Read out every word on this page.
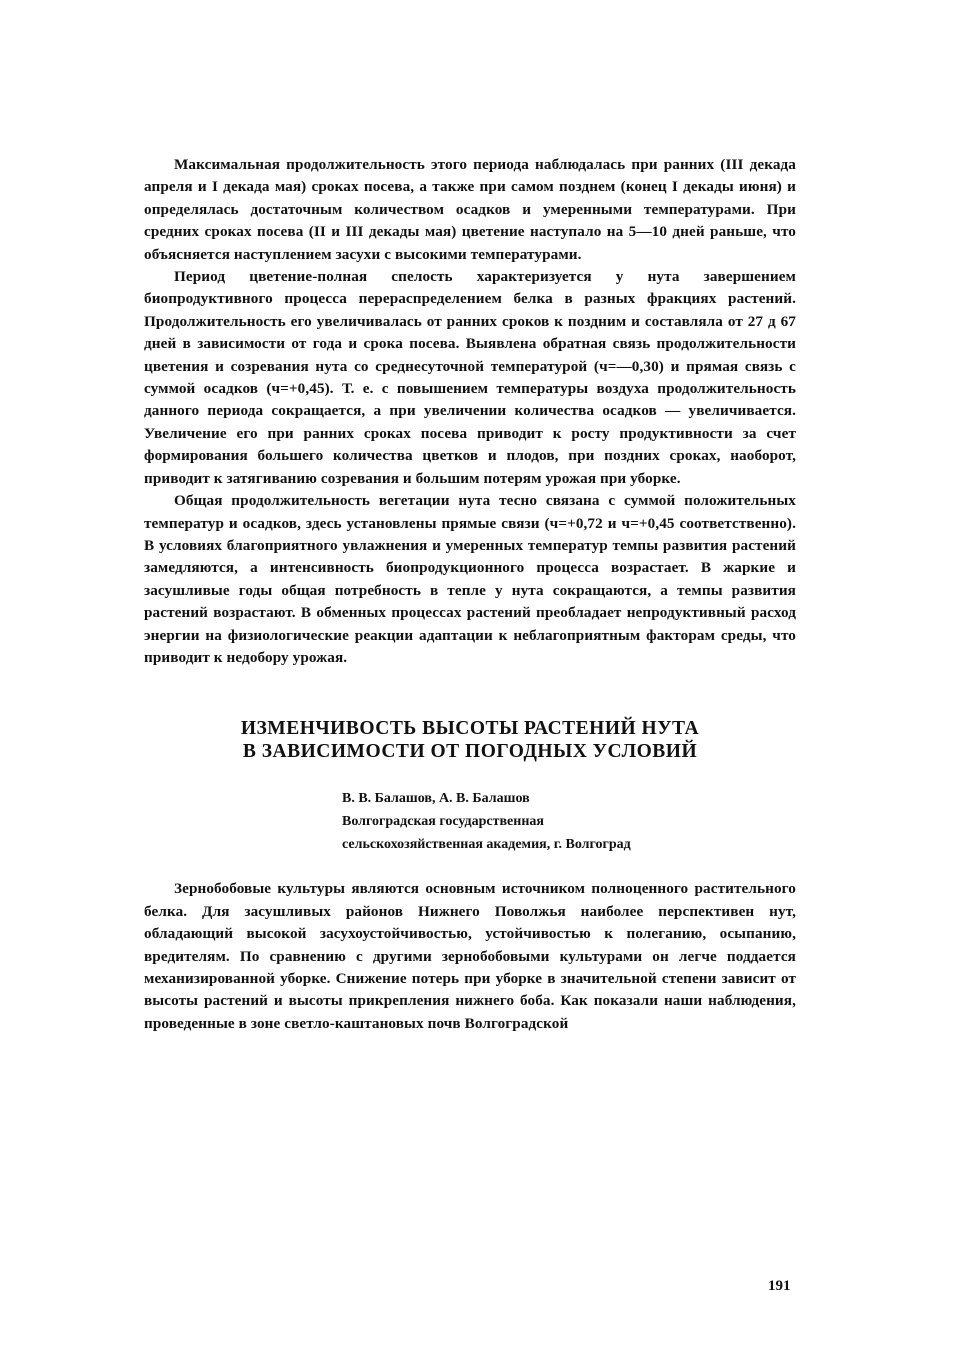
Максимальная продолжительность этого периода наблюдалась при ранних (III декада апреля и I декада мая) сроках посева, а также при самом позднем (конец I декады июня) и определялась достаточным количеством осадков и умеренными температурами. При средних сроках посева (II и III декады мая) цветение наступало на 5—10 дней раньше, что объясняется наступлением засухи с высокими температурами.

Период цветение-полная спелость характеризуется у нута завершением биопродуктивного процесса перераспределением белка в разных фракциях растений. Продолжительность его увеличивалась от ранних сроков к поздним и составляла от 27 д 67 дней в зависимости от года и срока посева. Выявлена обратная связь продолжительности цветения и созревания нута со среднесуточной температурой (ч=—0,30) и прямая связь с суммой осадков (ч=+0,45). Т. е. с повышением температуры воздуха продолжительность данного периода сокращается, а при увеличении количества осадков — увеличивается. Увеличение его при ранних сроках посева приводит к росту продуктивности за счет формирования большего количества цветков и плодов, при поздних сроках, наоборот, приводит к затягиванию созревания и большим потерям урожая при уборке.

Общая продолжительность вегетации нута тесно связана с суммой положительных температур и осадков, здесь установлены прямые связи (ч=+0,72 и ч=+0,45 соответственно). В условиях благоприятного увлажнения и умеренных температур темпы развития растений замедляются, а интенсивность биопродукционного процесса возрастает. В жаркие и засушливые годы общая потребность в тепле у нута сокращаются, а темпы развития растений возрастают. В обменных процессах растений преобладает непродуктивный расход энергии на физиологические реакции адаптации к неблагоприятным факторам среды, что приводит к недобору урожая.

ИЗМЕНЧИВОСТЬ ВЫСОТЫ РАСТЕНИЙ НУТА
В ЗАВИСИМОСТИ ОТ ПОГОДНЫХ УСЛОВИЙ
В. В. Балашов, А. В. Балашов
Волгоградская государственная
сельскохозяйственная академия, г. Волгоград

Зернобобовые культуры являются основным источником полноценного растительного белка. Для засушливых районов Нижнего Поволжья наиболее перспективен нут, обладающий высокой засухоустойчивостью, устойчивостью к полеганию, осыпанию, вредителям. По сравнению с другими зернобобовыми культурами он легче поддается механизированной уборке. Снижение потерь при уборке в значительной степени зависит от высоты растений и высоты прикрепления нижнего боба. Как показали наши наблюдения, проведенные в зоне светло-каштановых почв Волгоградской

191
